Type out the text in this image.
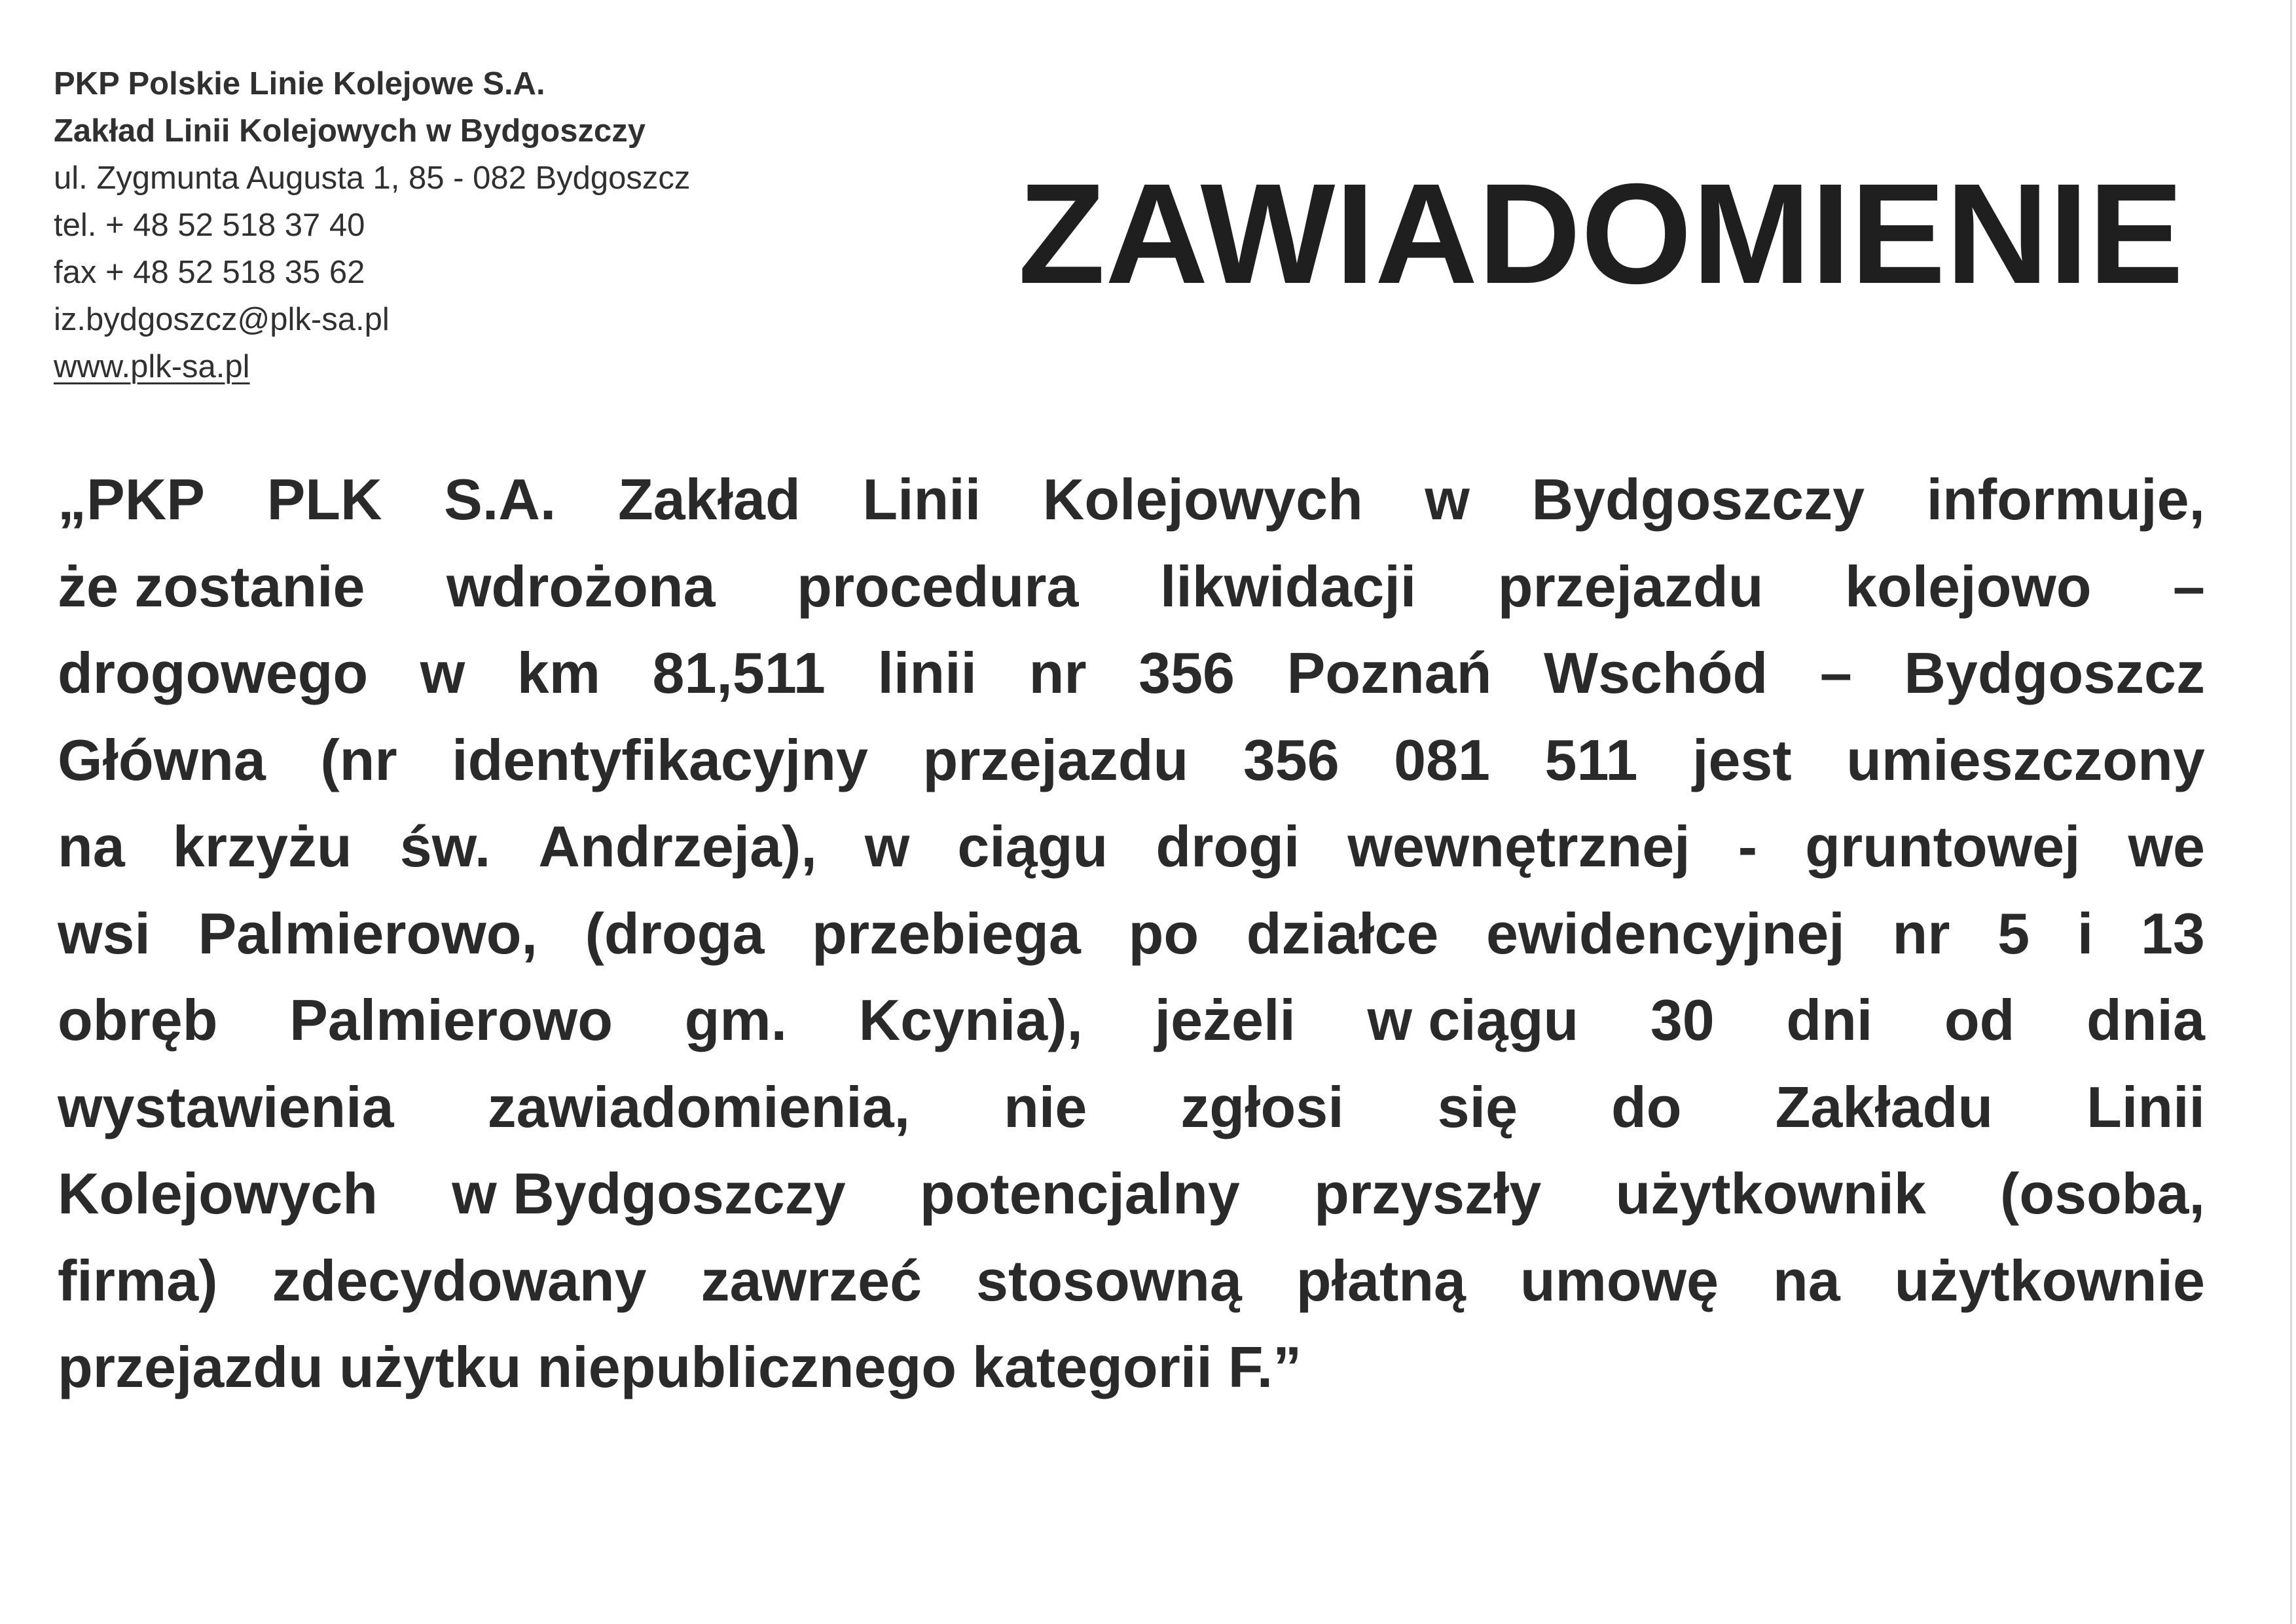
PKP Polskie Linie Kolejowe S.A.
Zakład Linii Kolejowych w Bydgoszczy
ul. Zygmunta Augusta 1, 85 - 082 Bydgoszcz
tel. + 48 52 518 37 40
fax + 48 52 518 35 62
iz.bydgoszcz@plk-sa.pl
www.plk-sa.pl
ZAWIADOMIENIE
„PKP PLK S.A. Zakład Linii Kolejowych w Bydgoszczy informuje,
że zostanie wdrożona procedura likwidacji przejazdu kolejowo –
drogowego w km 81,511 linii nr 356 Poznań Wschód – Bydgoszcz
Główna (nr identyfikacyjny przejazdu 356 081 511 jest umieszczony
na krzyżu św. Andrzeja), w ciągu drogi wewnętrznej - gruntowej we
wsi Palmierowo, (droga przebiega po działce ewidencyjnej nr 5 i 13
obręb Palmierowo gm. Kcynia), jeżeli w ciągu 30 dni od dnia
wystawienia zawiadomienia, nie zgłosi się do Zakładu Linii
Kolejowych w Bydgoszczy potencjalny przyszły użytkownik (osoba,
firma) zdecydowany zawrzeć stosowną płatną umowę na użytkownie
przejazdu użytku niepublicznego kategorii F.”
